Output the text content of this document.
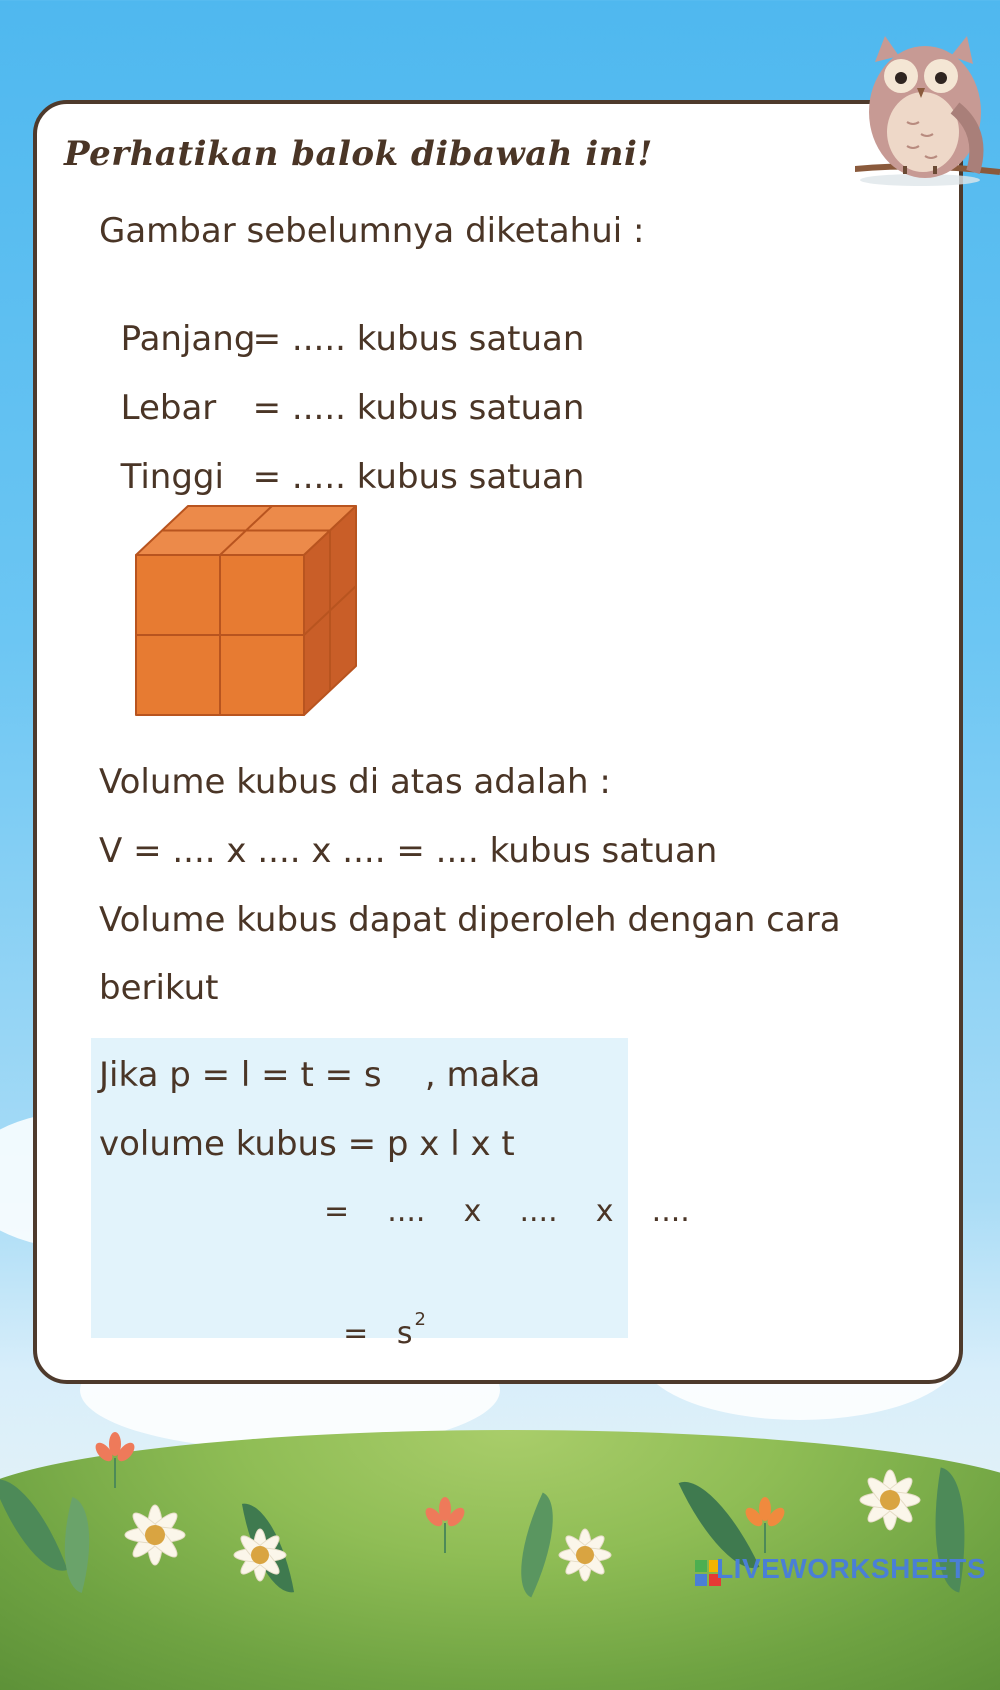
Perhatikan balok dibawah ini!
Gambar sebelumnya diketahui :

Panjang= ..... kubus satuan

Lebar = ..... kubus satuan

Tinggi = ..... kubus satuan

Volume kubus di atas adalah :
V = .... x .... x .... = .... kubus satuan
Volume kubus dapat diperoleh dengan cara
berikut
Jika p = l = t = s    , maka
volume kubus = p x l x t
=    ....    x    ....    x    ....

=   s $^2$

LIVEWORKSHEETS
